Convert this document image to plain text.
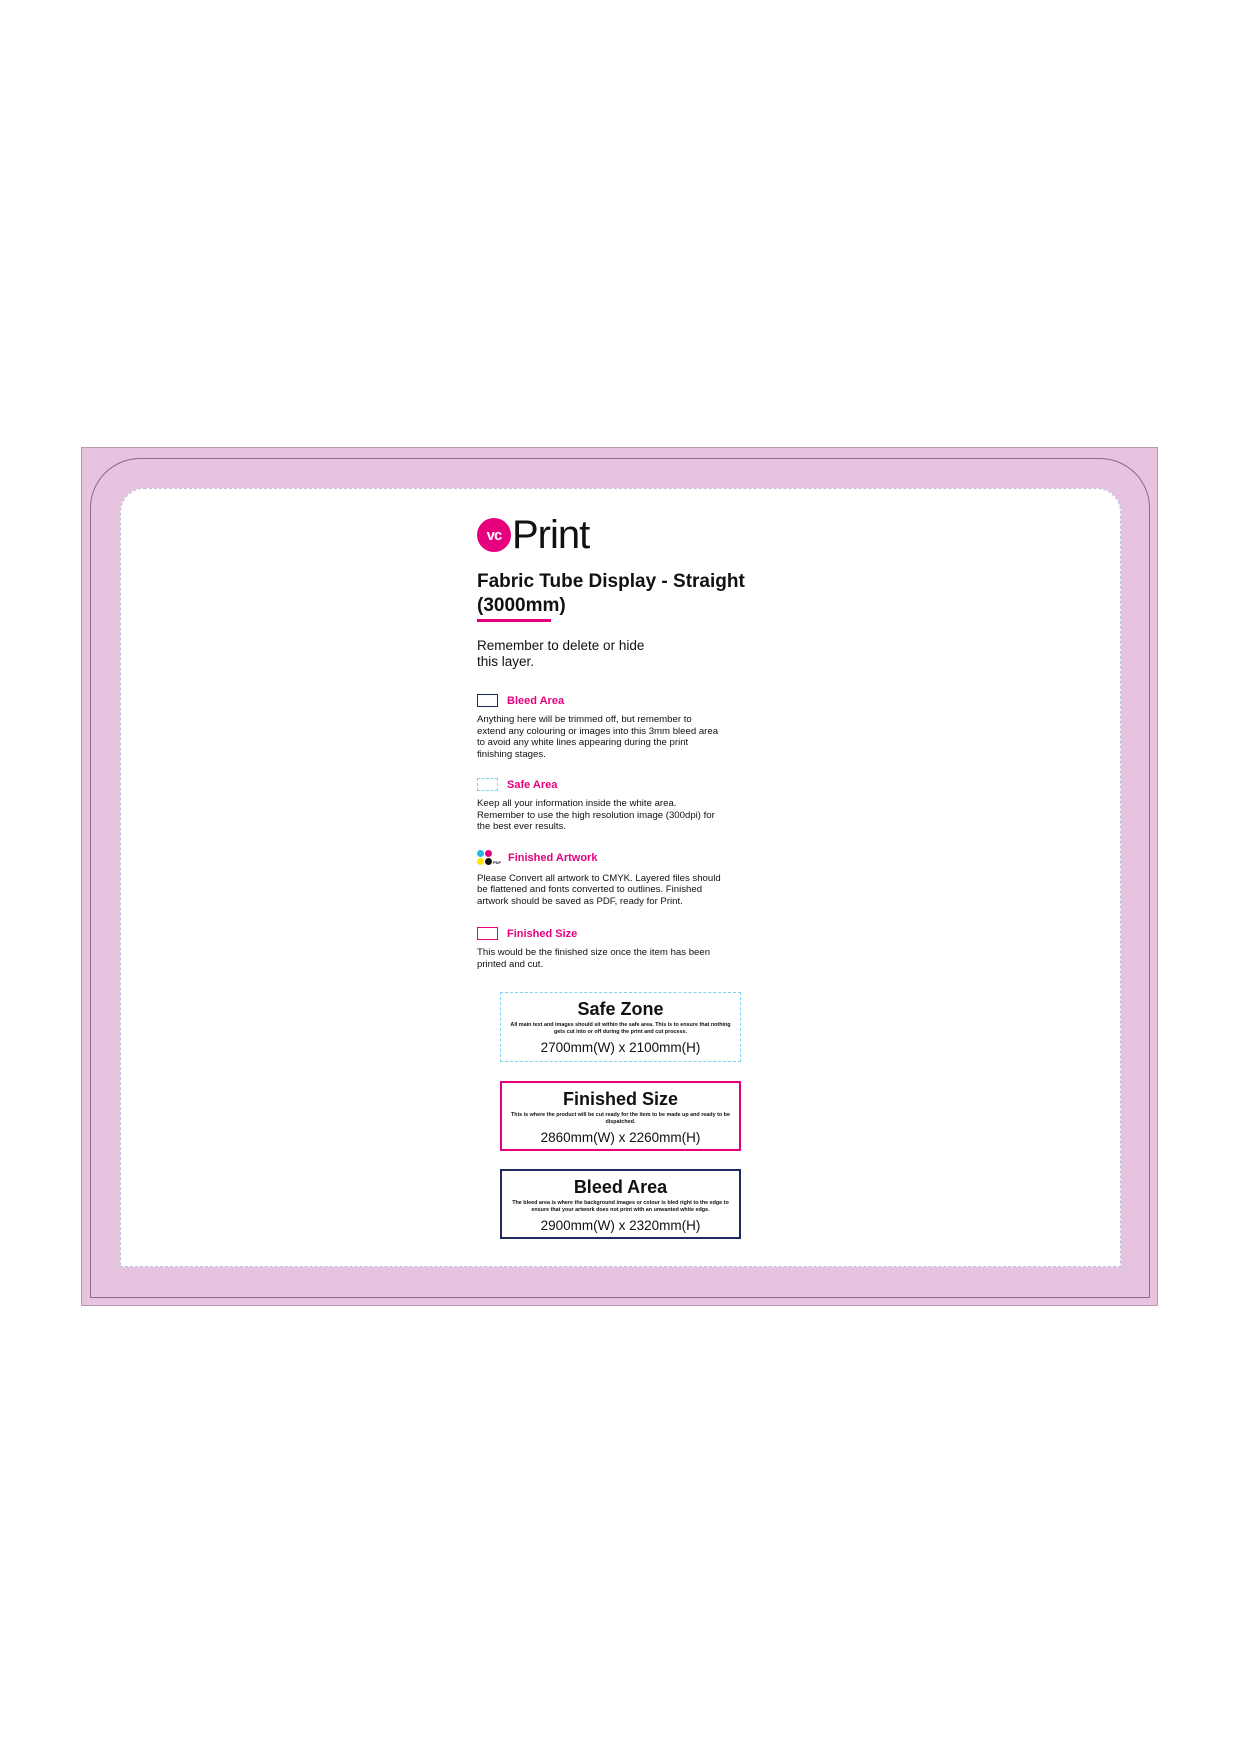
vc Print
Fabric Tube Display - Straight (3000mm)
Remember to delete or hide this layer.
Bleed Area
Anything here will be trimmed off, but remember to extend any colouring or images into this 3mm bleed area to avoid any white lines appearing during the print finishing stages.
Safe Area
Keep all your information inside the white area. Remember to use the high resolution image (300dpi) for the best ever results.
PDF Finished Artwork
Please Convert all artwork to CMYK. Layered files should be flattened and fonts converted to outlines. Finished artwork should be saved as PDF, ready for Print.
Finished Size
This would be the finished size once the item has been printed and cut.
Safe Zone
All main text and images should sit within the safe area. This is to ensure that nothing gets cut into or off during the print and cut process.
2700mm(W) x 2100mm(H)
Finished Size
This is where the product will be cut ready for the item to be made up and ready to be dispatched.
2860mm(W) x 2260mm(H)
Bleed Area
The bleed area is where the background images or colour is bled right to the edge to ensure that your artwork does not print with an unwanted white edge.
2900mm(W) x 2320mm(H)
